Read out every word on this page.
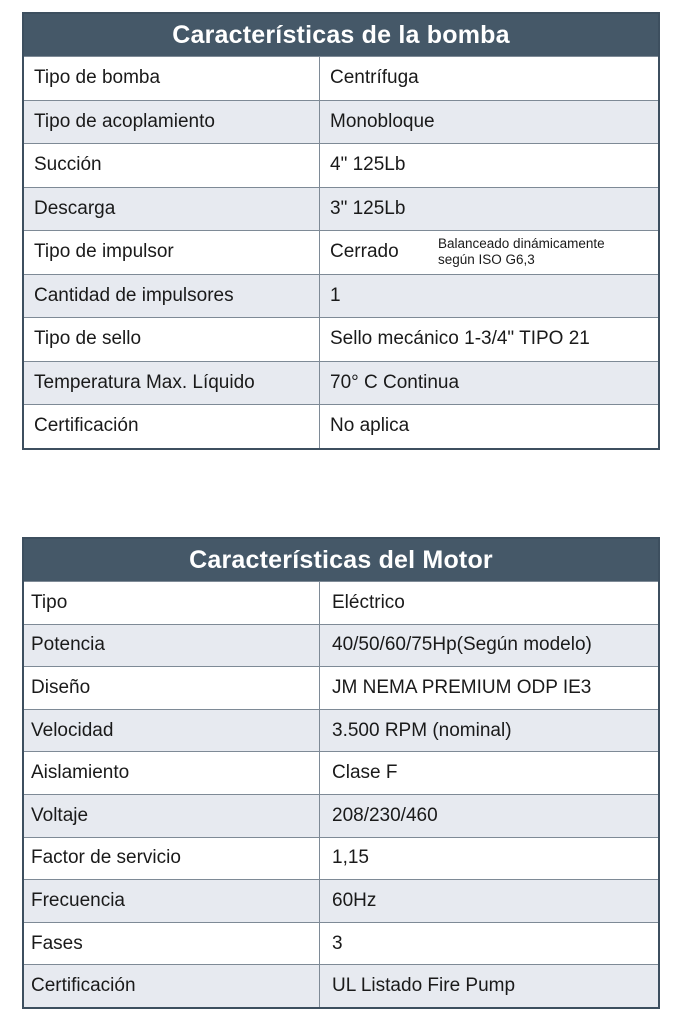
Características de la bomba
Tipo de bomba	Centrífuga
Tipo de acoplamiento	Monobloque
Succión	4" 125Lb
Descarga	3" 125Lb
Tipo de impulsor	Cerrado	Balanceado dinámicamente
según ISO G6,3
Cantidad de impulsores	1
Tipo de sello	Sello mecánico 1-3/4" TIPO 21
Temperatura Max. Líquido	70° C Continua
Certificación	No aplica
Características del Motor
Tipo	Eléctrico
Potencia	40/50/60/75Hp(Según modelo)
Diseño	JM NEMA PREMIUM ODP IE3
Velocidad	3.500 RPM (nominal)
Aislamiento	Clase F
Voltaje	208/230/460
Factor de servicio	1,15
Frecuencia	60Hz
Fases	3
Certificación	UL Listado Fire Pump
